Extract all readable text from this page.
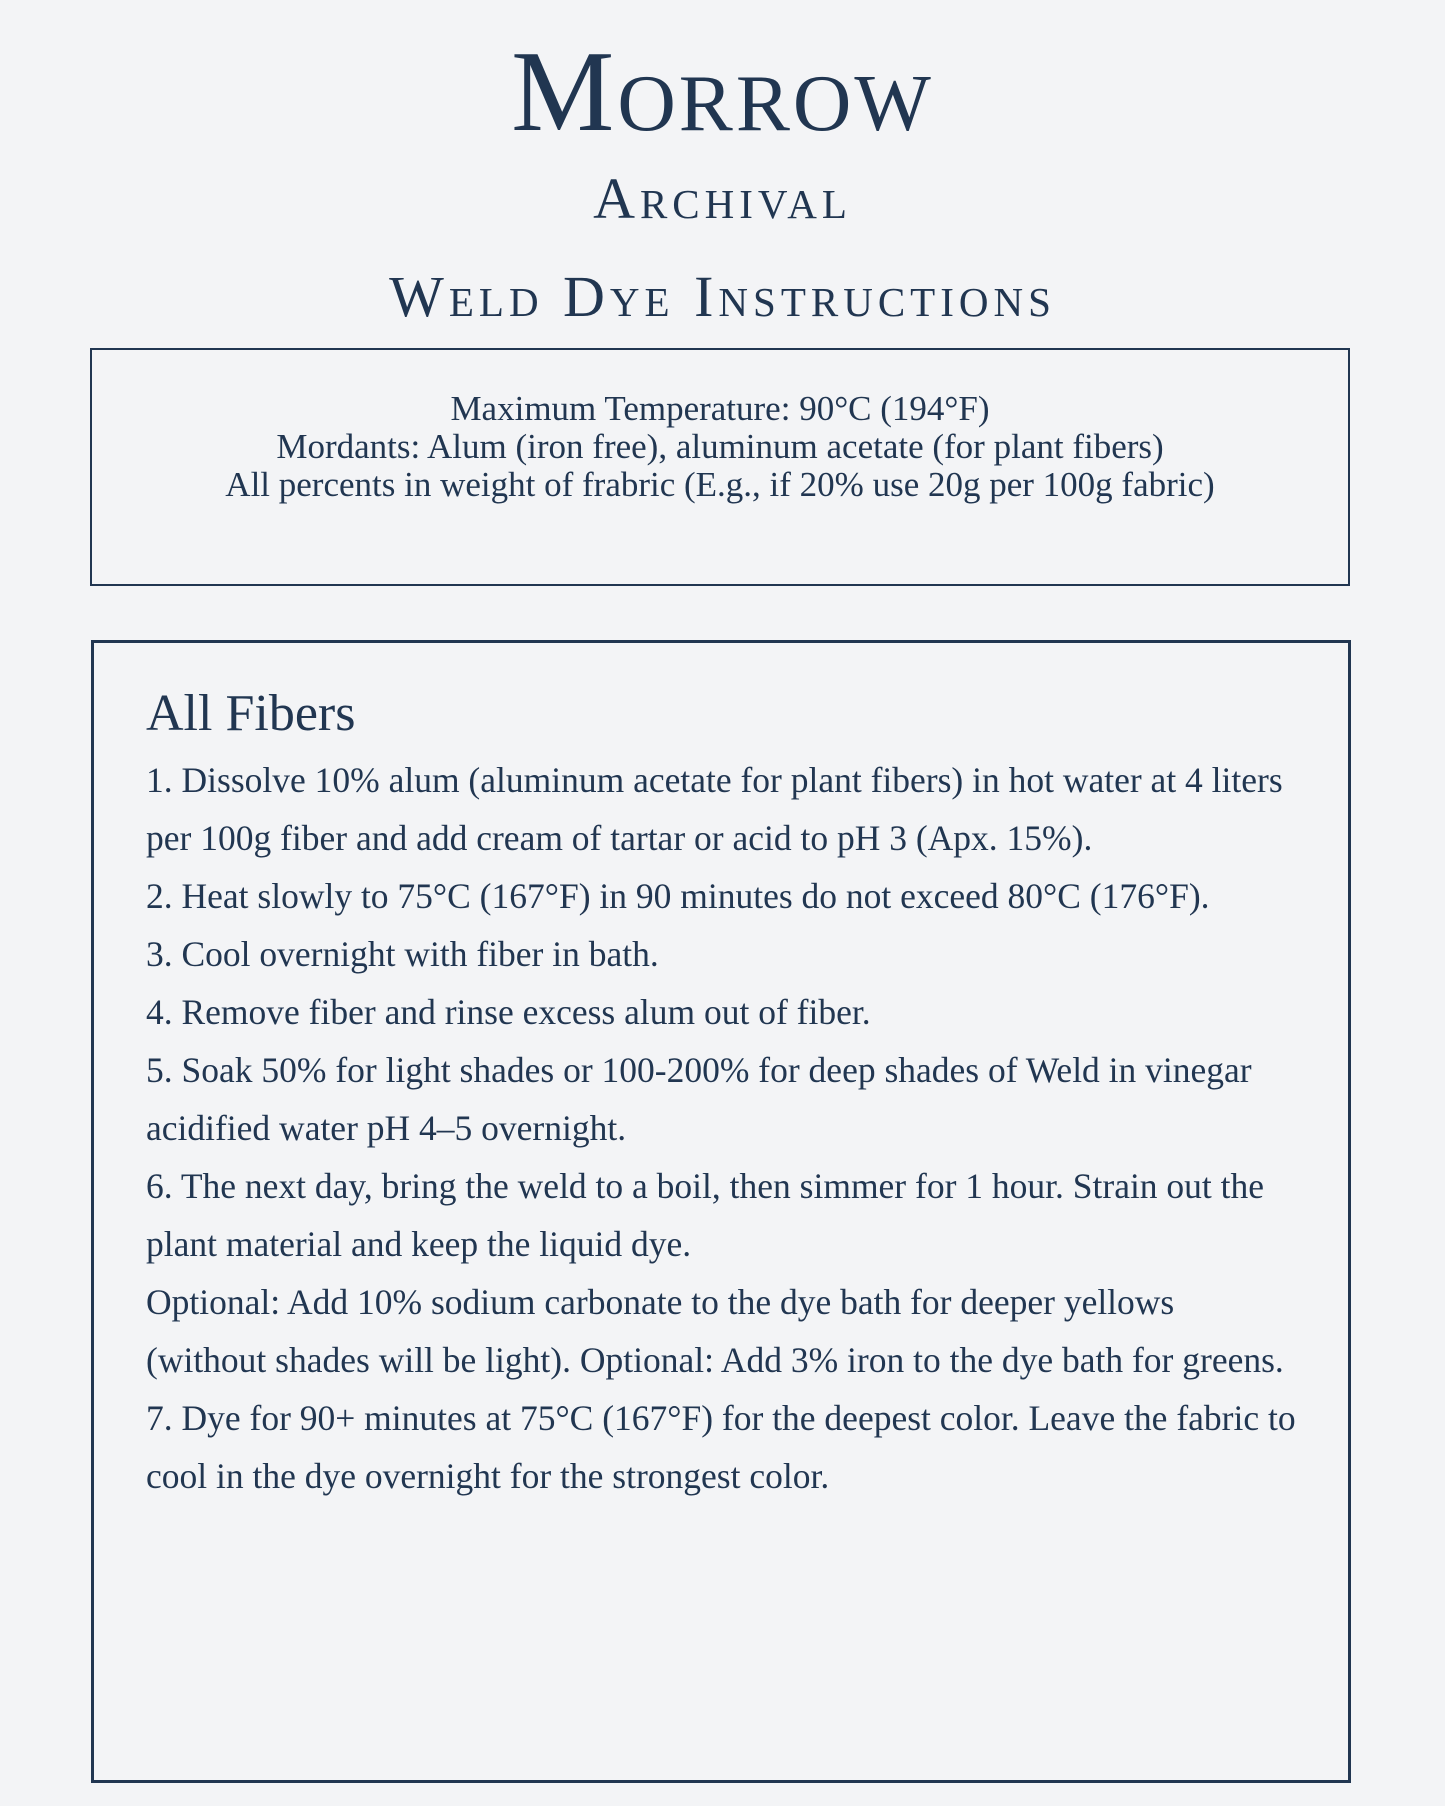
Morrow
Archival
Weld Dye Instructions
Maximum Temperature: 90°C (194°F)
Mordants: Alum (iron free), aluminum acetate (for plant fibers)
All percents in weight of frabric (E.g., if 20% use 20g per 100g fabric)
All Fibers
1. Dissolve 10% alum (aluminum acetate for plant fibers) in hot water at 4 liters per 100g fiber and add cream of tartar or acid to pH 3 (Apx. 15%).
2. Heat slowly to 75°C (167°F) in 90 minutes do not exceed 80°C (176°F).
3. Cool overnight with fiber in bath.
4. Remove fiber and rinse excess alum out of fiber.
5. Soak 50% for light shades or 100-200% for deep shades of Weld in vinegar acidified water pH 4–5 overnight.
6. The next day, bring the weld to a boil, then simmer for 1 hour. Strain out the plant material and keep the liquid dye.
Optional: Add 10% sodium carbonate to the dye bath for deeper yellows (without shades will be light). Optional: Add 3% iron to the dye bath for greens.
7. Dye for 90+ minutes at 75°C (167°F) for the deepest color. Leave the fabric to cool in the dye overnight for the strongest color.
